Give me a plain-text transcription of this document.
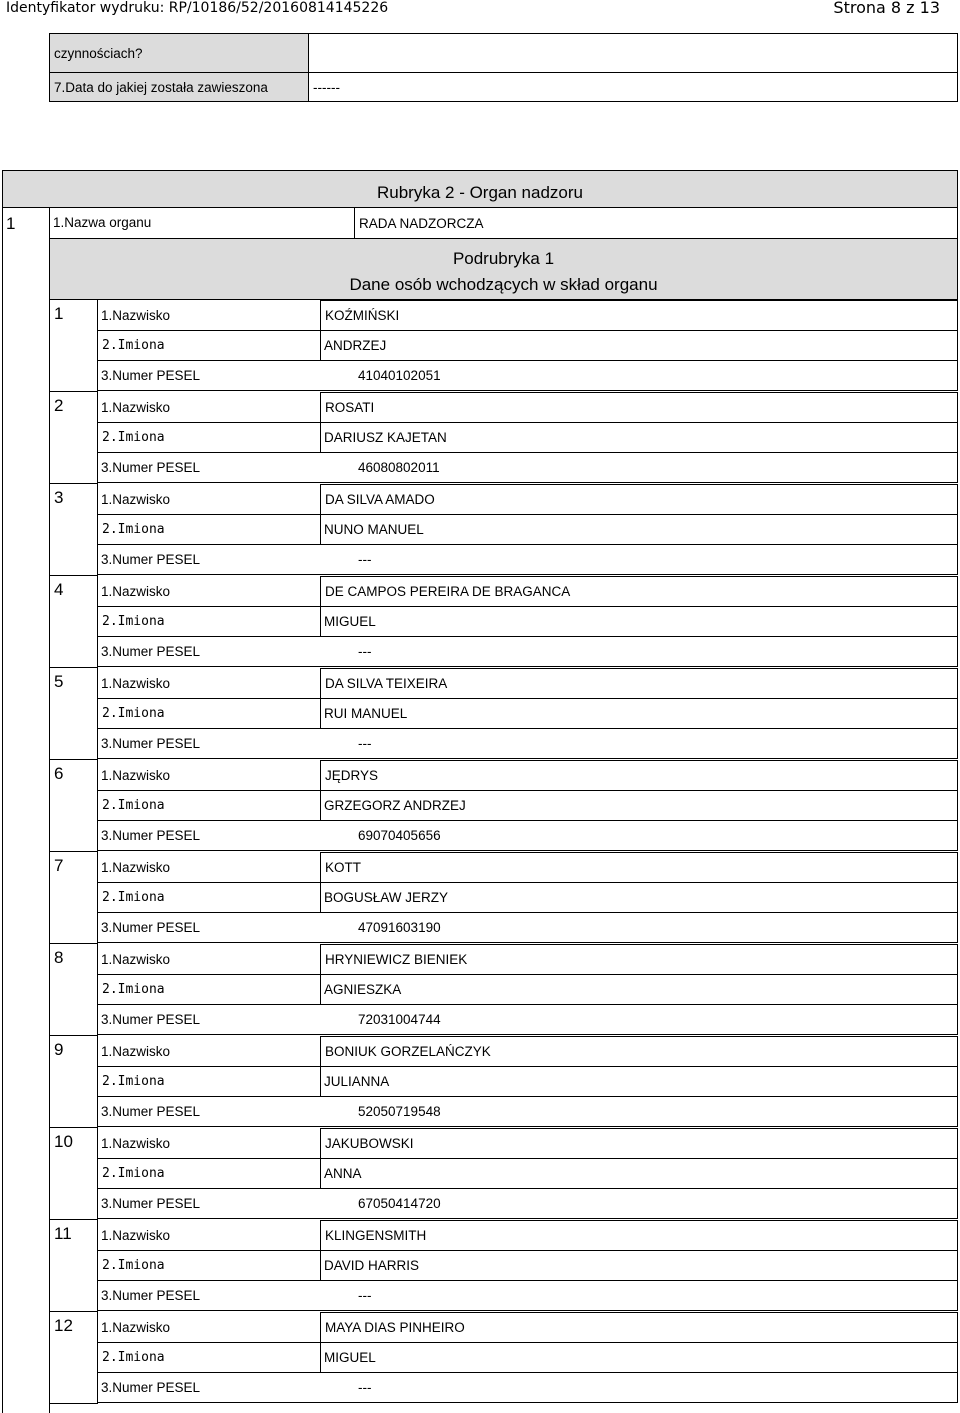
Identyfikator wydruku: RP/10186/52/20160814145226	Strona 8 z 13
czynnościach?
7.Data do jakiej została zawieszona	------
Rubryka 2 - Organ nadzoru
1	1.Nazwa organu	RADA NADZORCZA
Podrubryka 1
Dane osób wchodzących w skład organu
1	1.Nazwisko	KOŹMIŃSKI
2.Imiona	ANDRZEJ
3.Numer PESEL	41040102051
2	1.Nazwisko	ROSATI
2.Imiona	DARIUSZ KAJETAN
3.Numer PESEL	46080802011
3	1.Nazwisko	DA SILVA AMADO
2.Imiona	NUNO MANUEL
3.Numer PESEL	---
4	1.Nazwisko	DE CAMPOS PEREIRA DE BRAGANCA
2.Imiona	MIGUEL
3.Numer PESEL	---
5	1.Nazwisko	DA SILVA TEIXEIRA
2.Imiona	RUI MANUEL
3.Numer PESEL	---
6	1.Nazwisko	JĘDRYS
2.Imiona	GRZEGORZ ANDRZEJ
3.Numer PESEL	69070405656
7	1.Nazwisko	KOTT
2.Imiona	BOGUSŁAW JERZY
3.Numer PESEL	47091603190
8	1.Nazwisko	HRYNIEWICZ BIENIEK
2.Imiona	AGNIESZKA
3.Numer PESEL	72031004744
9	1.Nazwisko	BONIUK GORZELAŃCZYK
2.Imiona	JULIANNA
3.Numer PESEL	52050719548
10	1.Nazwisko	JAKUBOWSKI
2.Imiona	ANNA
3.Numer PESEL	67050414720
11	1.Nazwisko	KLINGENSMITH
2.Imiona	DAVID HARRIS
3.Numer PESEL	---
12	1.Nazwisko	MAYA DIAS PINHEIRO
2.Imiona	MIGUEL
3.Numer PESEL	---
